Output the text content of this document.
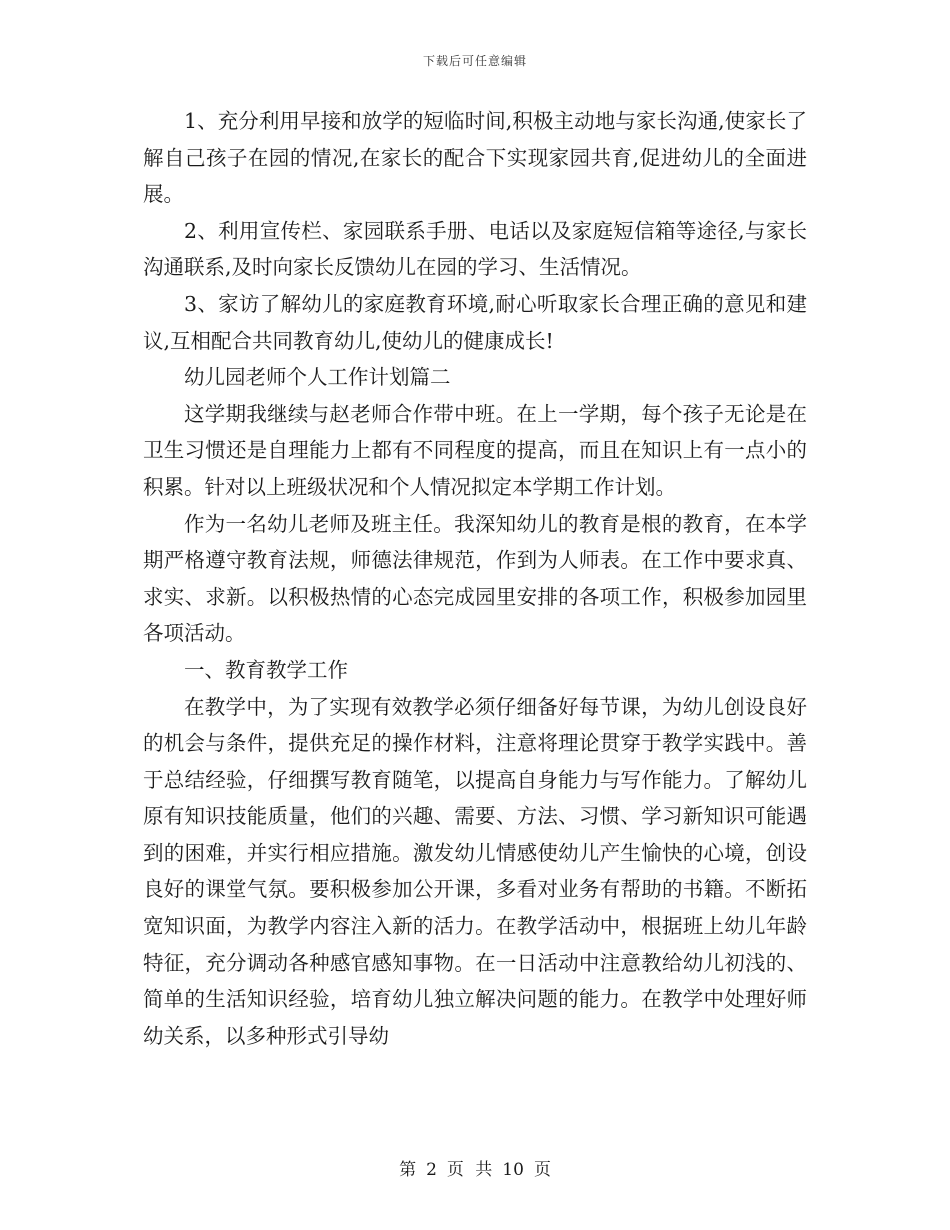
下载后可任意编辑

1、充分利用早接和放学的短临时间,积极主动地与家长沟通,使家长了解自己孩子在园的情况,在家长的配合下实现家园共育,促进幼儿的全面进展。

2、利用宣传栏、家园联系手册、电话以及家庭短信箱等途径,与家长沟通联系,及时向家长反馈幼儿在园的学习、生活情况。

3、家访了解幼儿的家庭教育环境,耐心听取家长合理正确的意见和建议,互相配合共同教育幼儿,使幼儿的健康成长!

幼儿园老师个人工作计划篇二

这学期我继续与赵老师合作带中班。在上一学期，每个孩子无论是在卫生习惯还是自理能力上都有不同程度的提高，而且在知识上有一点小的积累。针对以上班级状况和个人情况拟定本学期工作计划。

作为一名幼儿老师及班主任。我深知幼儿的教育是根的教育，在本学期严格遵守教育法规，师德法律规范，作到为人师表。在工作中要求真、求实、求新。以积极热情的心态完成园里安排的各项工作，积极参加园里各项活动。

一、教育教学工作

在教学中，为了实现有效教学必须仔细备好每节课，为幼儿创设良好的机会与条件，提供充足的操作材料，注意将理论贯穿于教学实践中。善于总结经验，仔细撰写教育随笔，以提高自身能力与写作能力。了解幼儿原有知识技能质量，他们的兴趣、需要、方法、习惯、学习新知识可能遇到的困难，并实行相应措施。激发幼儿情感使幼儿产生愉快的心境，创设良好的课堂气氛。要积极参加公开课，多看对业务有帮助的书籍。不断拓宽知识面，为教学内容注入新的活力。在教学活动中，根据班上幼儿年龄特征，充分调动各种感官感知事物。在一日活动中注意教给幼儿初浅的、简单的生活知识经验，培育幼儿独立解决问题的能力。在教学中处理好师幼关系，以多种形式引导幼

第 2 页 共 10 页
